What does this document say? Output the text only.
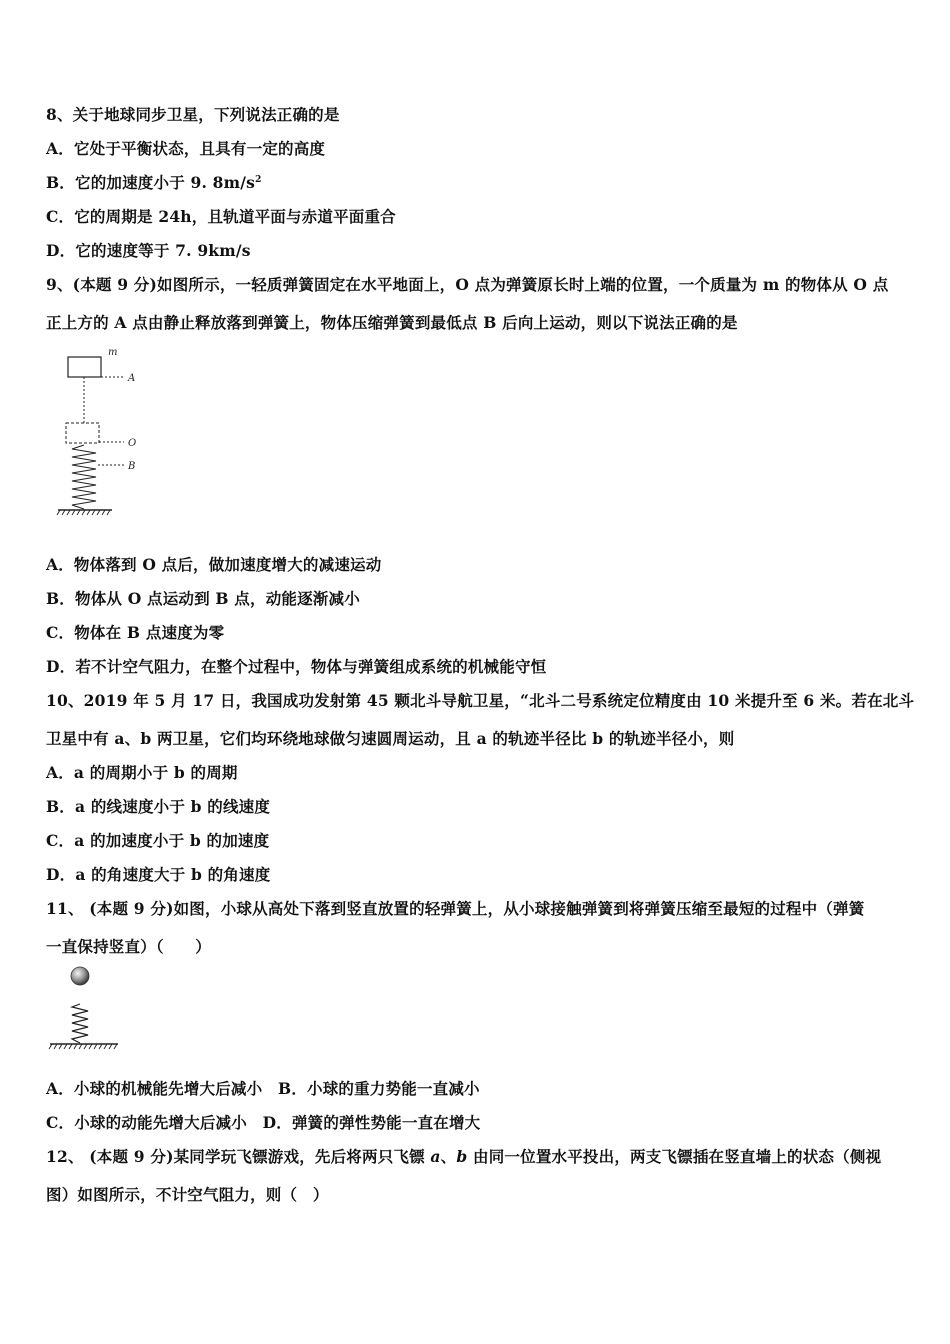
8、关于地球同步卫星，下列说法正确的是
A．它处于平衡状态，且具有一定的高度
B．它的加速度小于 9. $8m/s^2$
C．它的周期是 24h，且轨道平面与赤道平面重合
D．它的速度等于 7. 9km/s
9、(本题 9 分)如图所示，一轻质弹簧固定在水平地面上，O 点为弹簧原长时上端的位置，一个质量为 m 的物体从 O 点
正上方的 A 点由静止释放落到弹簧上，物体压缩弹簧到最低点 B 后向上运动，则以下说法正确的是
m
A
O
B
A．物体落到 O 点后，做加速度增大的减速运动
B．物体从 O 点运动到 B 点，动能逐渐减小
C．物体在 B 点速度为零
D．若不计空气阻力，在整个过程中，物体与弹簧组成系统的机械能守恒
10、2019 年 5 月 17 日，我国成功发射第 45 颗北斗导航卫星，“北斗二号系统定位精度由 10 米提升至 6 米。若在北斗
卫星中有 a、b 两卫星，它们均环绕地球做匀速圆周运动，且 a 的轨迹半径比 b 的轨迹半径小，则
A．a 的周期小于 b 的周期
B．a 的线速度小于 b 的线速度
C．a 的加速度小于 b 的加速度
D．a 的角速度大于 b 的角速度
11、 (本题 9 分)如图，小球从高处下落到竖直放置的轻弹簧上，从小球接触弹簧到将弹簧压缩至最短的过程中（弹簧
一直保持竖直）（　　）
A．小球的机械能先增大后减小　B．小球的重力势能一直减小
C．小球的动能先增大后减小　D．弹簧的弹性势能一直在增大
12、 (本题 9 分)某同学玩飞镖游戏，先后将两只飞镖 a、b 由同一位置水平投出，两支飞镖插在竖直墙上的状态（侧视
图）如图所示，不计空气阻力，则（　）
